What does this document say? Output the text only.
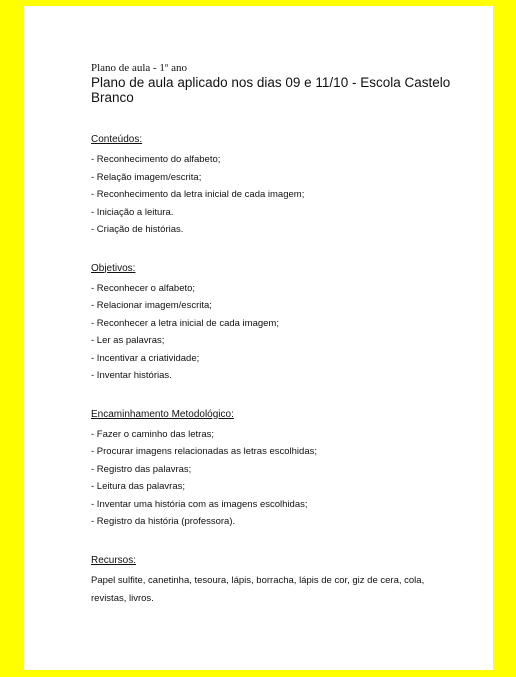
Plano de aula - 1º ano

Plano de aula aplicado nos dias 09 e 11/10 - Escola Castelo Branco

Conteúdos:

- Reconhecimento do alfabeto;

- Relação imagem/escrita;

- Reconhecimento da letra inicial de cada imagem;

- Iniciação a leitura.

- Criação de histórias.

Objetivos:

- Reconhecer o alfabeto;

- Relacionar imagem/escrita;

- Reconhecer a letra inicial de cada imagem;

- Ler as palavras;

- Incentivar a criatividade;

- Inventar histórias.

Encaminhamento Metodológico:

- Fazer o caminho das letras;

- Procurar imagens relacionadas as letras escolhidas;

- Registro das palavras;

- Leitura das palavras;

- Inventar uma história com as imagens escolhidas;

- Registro da história (professora).

Recursos:

Papel sulfite, canetinha, tesoura, lápis, borracha, lápis de cor, giz de cera, cola, revistas, livros.
